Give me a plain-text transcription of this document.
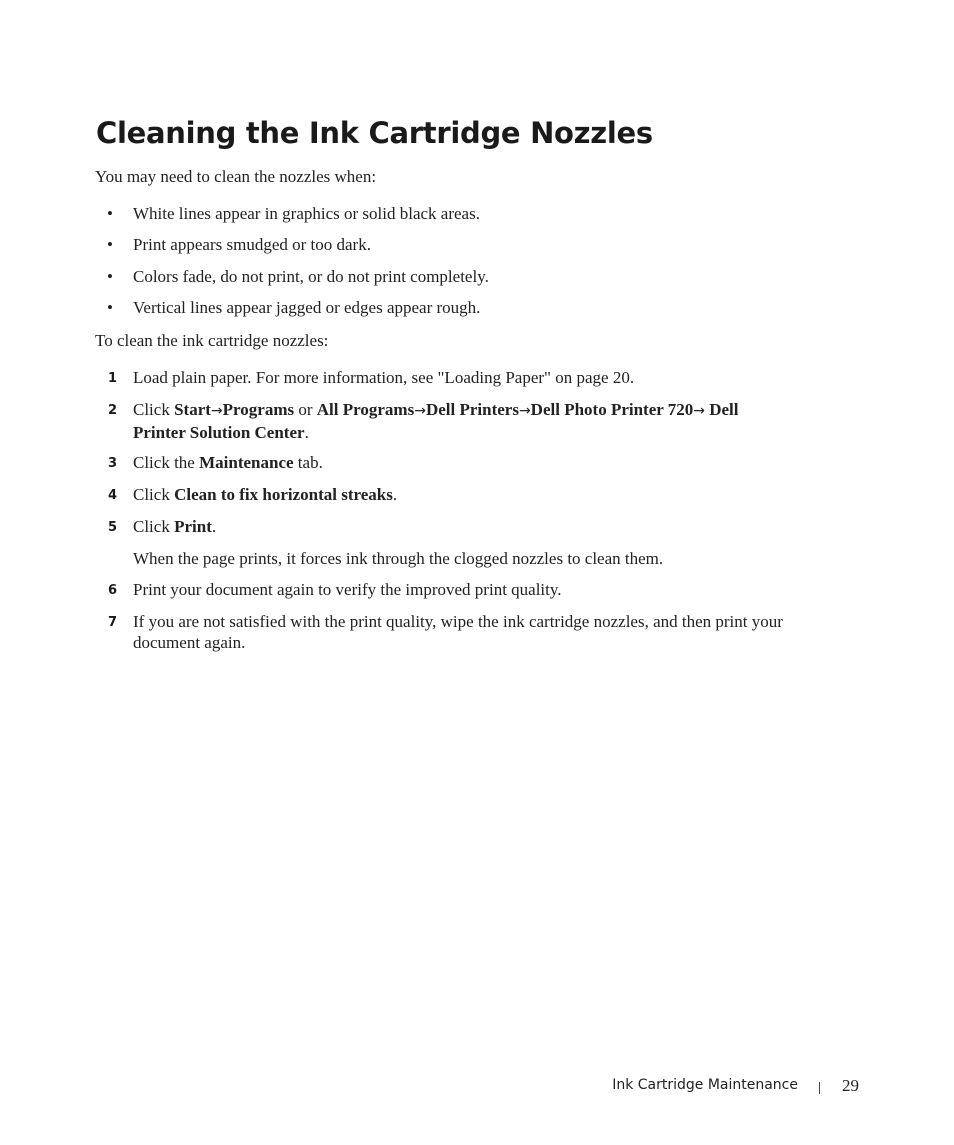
Cleaning the Ink Cartridge Nozzles
You may need to clean the nozzles when:
• White lines appear in graphics or solid black areas.
• Print appears smudged or too dark.
• Colors fade, do not print, or do not print completely.
• Vertical lines appear jagged or edges appear rough.
To clean the ink cartridge nozzles:
1 Load plain paper. For more information, see "Loading Paper" on page 20.
2 Click Start→Programs or All Programs→Dell Printers→Dell Photo Printer 720→ Dell Printer Solution Center.
3 Click the Maintenance tab.
4 Click Clean to fix horizontal streaks.
5 Click Print.
When the page prints, it forces ink through the clogged nozzles to clean them.
6 Print your document again to verify the improved print quality.
7 If you are not satisfied with the print quality, wipe the ink cartridge nozzles, and then print your document again.
Ink Cartridge Maintenance	29
